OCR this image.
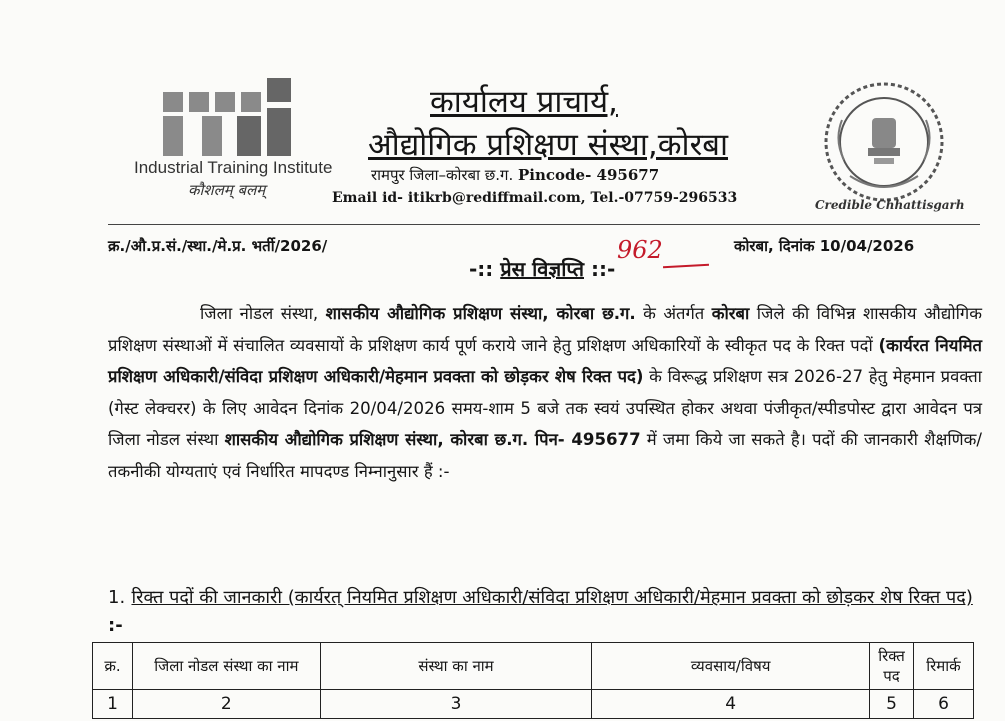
Industrial Training Institute
कौशलम् बलम्
कार्यालय प्राचार्य,
औद्योगिक प्रशिक्षण संस्था,कोरबा
रामपुर जिला–कोरबा छ.ग. Pincode- 495677
Email id- itikrb@rediffmail.com, Tel.-07759-296533	Credible Chhattisgarh
क्र./औ.प्र.सं./स्था./मे.प्र. भर्ती/2026/	962	कोरबा, दिनांक 10/04/2026
-:: प्रेस विज्ञप्ति ::-
जिला नोडल संस्था, शासकीय औद्योगिक प्रशिक्षण संस्था, कोरबा छ.ग. के अंतर्गत कोरबा जिले की विभिन्न शासकीय औद्योगिक प्रशिक्षण संस्थाओं में संचालित व्यवसायों के प्रशिक्षण कार्य पूर्ण कराये जाने हेतु प्रशिक्षण अधिकारियों के स्वीकृत पद के रिक्त पदों (कार्यरत नियमित प्रशिक्षण अधिकारी/संविदा प्रशिक्षण अधिकारी/मेहमान प्रवक्ता को छोड़कर शेष रिक्त पद) के विरूद्ध प्रशिक्षण सत्र 2026-27 हेतु मेहमान प्रवक्ता (गेस्ट लेक्चरर) के लिए आवेदन दिनांक 20/04/2026 समय-शाम 5 बजे तक स्वयं उपस्थित होकर अथवा पंजीकृत/स्पीडपोस्ट द्वारा आवेदन पत्र जिला नोडल संस्था शासकीय औद्योगिक प्रशिक्षण संस्था, कोरबा छ.ग. पिन- 495677 में जमा किये जा सकते है। पदों की जानकारी शैक्षणिक/तकनीकी योग्यताएं एवं निर्धारित मापदण्ड निम्नानुसार हैं :-
1. रिक्त पदों की जानकारी (कार्यरत् नियमित प्रशिक्षण अधिकारी/संविदा प्रशिक्षण अधिकारी/मेहमान प्रवक्ता को छोड़कर शेष रिक्त पद) :-
क्र.	जिला नोडल संस्था का नाम	संस्था का नाम	व्यवसाय/विषय	रिक्त पद	रिमार्क
1	2	3	4	5	6
